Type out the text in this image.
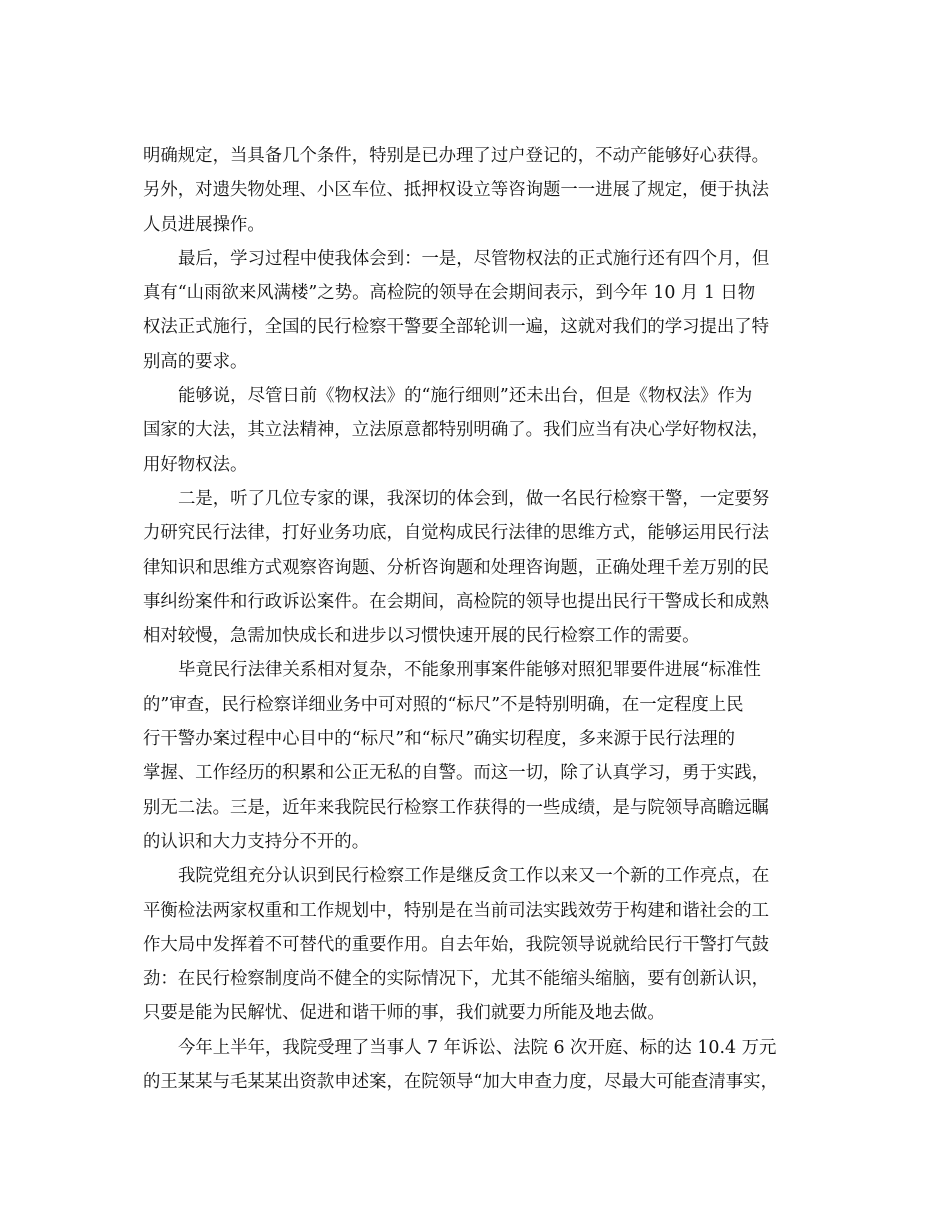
明确规定，当具备几个条件，特别是已办理了过户登记的，不动产能够好心获得。
另外，对遗失物处理、小区车位、抵押权设立等咨询题一一进展了规定，便于执法
人员进展操作。
最后，学习过程中使我体会到：一是，尽管物权法的正式施行还有四个月，但
真有“山雨欲来风满楼”之势。高检院的领导在会期间表示，到今年 10 月 1 日物
权法正式施行，全国的民行检察干警要全部轮训一遍，这就对我们的学习提出了特
别高的要求。
能够说，尽管日前《物权法》的“施行细则”还未出台，但是《物权法》作为
国家的大法，其立法精神，立法原意都特别明确了。我们应当有决心学好物权法，
用好物权法。
二是，听了几位专家的课，我深切的体会到，做一名民行检察干警，一定要努
力研究民行法律，打好业务功底，自觉构成民行法律的思维方式，能够运用民行法
律知识和思维方式观察咨询题、分析咨询题和处理咨询题，正确处理千差万别的民
事纠纷案件和行政诉讼案件。在会期间，高检院的领导也提出民行干警成长和成熟
相对较慢，急需加快成长和进步以习惯快速开展的民行检察工作的需要。
毕竟民行法律关系相对复杂，不能象刑事案件能够对照犯罪要件进展“标准性
的”审查，民行检察详细业务中可对照的“标尺”不是特别明确，在一定程度上民
行干警办案过程中心目中的“标尺”和“标尺”确实切程度，多来源于民行法理的
掌握、工作经历的积累和公正无私的自警。而这一切，除了认真学习，勇于实践，
别无二法。三是，近年来我院民行检察工作获得的一些成绩，是与院领导高瞻远瞩
的认识和大力支持分不开的。
我院党组充分认识到民行检察工作是继反贪工作以来又一个新的工作亮点，在
平衡检法两家权重和工作规划中，特别是在当前司法实践效劳于构建和谐社会的工
作大局中发挥着不可替代的重要作用。自去年始，我院领导说就给民行干警打气鼓
劲：在民行检察制度尚不健全的实际情况下，尤其不能缩头缩脑，要有创新认识，
只要是能为民解忧、促进和谐干师的事，我们就要力所能及地去做。
今年上半年，我院受理了当事人 7 年诉讼、法院 6 次开庭、标的达 10.4 万元
的王某某与毛某某出资款申述案，在院领导“加大申查力度，尽最大可能查清事实，
